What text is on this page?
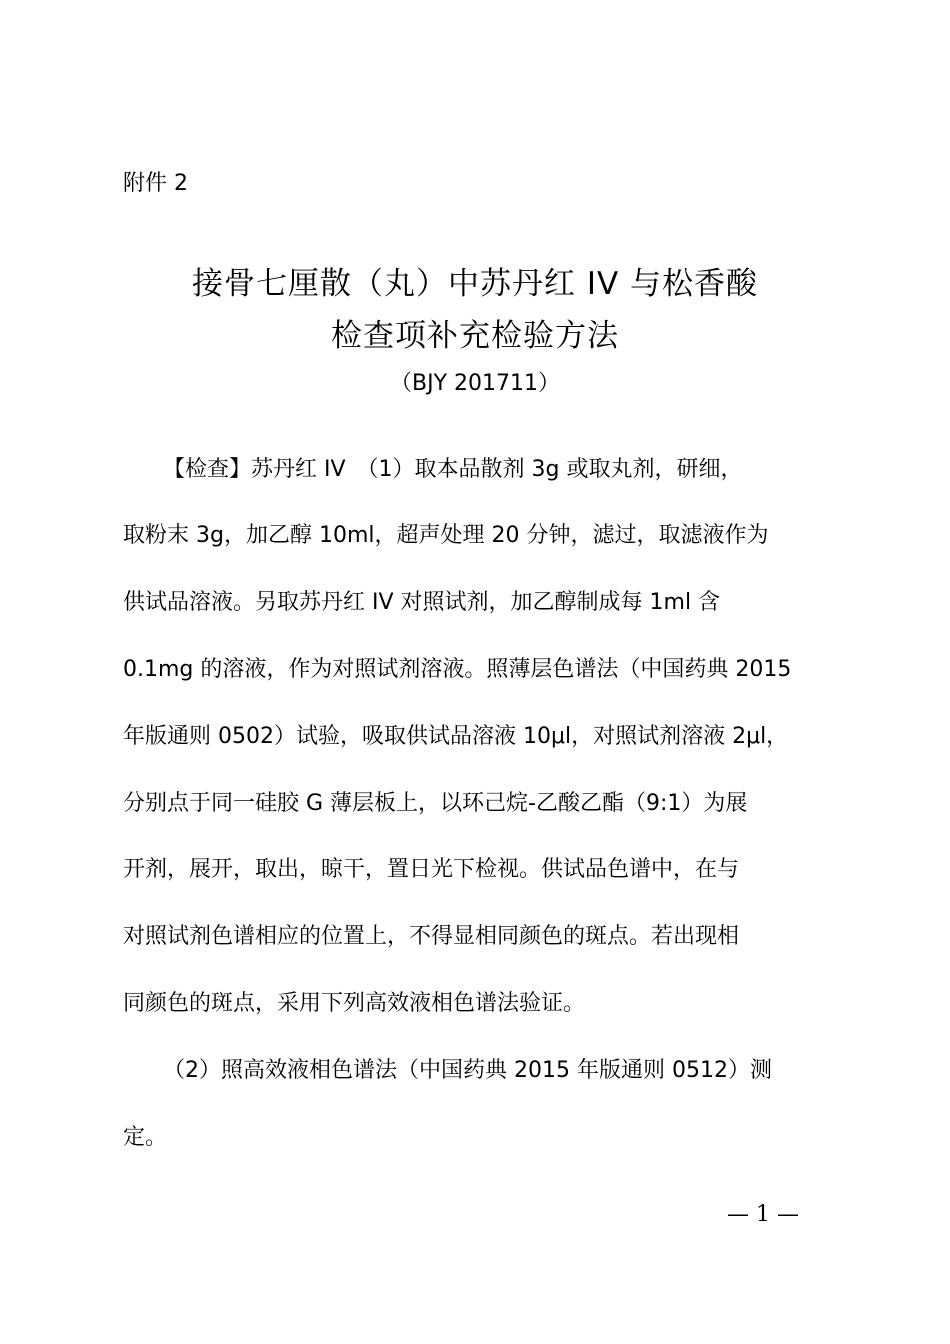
附件 2
接骨七厘散（丸）中苏丹红 IV 与松香酸
检查项补充检验方法
（BJY 201711）
【检查】苏丹红 IV　（1）取本品散剂 3g 或取丸剂，研细，
取粉末 3g，加乙醇 10ml，超声处理 20 分钟，滤过，取滤液作为
供试品溶液。另取苏丹红 IV 对照试剂，加乙醇制成每 1ml 含
0.1mg 的溶液，作为对照试剂溶液。照薄层色谱法（中国药典 2015
年版通则 0502）试验，吸取供试品溶液 10μl，对照试剂溶液 2μl，
分别点于同一硅胶 G 薄层板上，以环己烷-乙酸乙酯（9:1）为展
开剂，展开，取出，晾干，置日光下检视。供试品色谱中，在与
对照试剂色谱相应的位置上，不得显相同颜色的斑点。若出现相
同颜色的斑点，采用下列高效液相色谱法验证。
（2）照高效液相色谱法（中国药典 2015 年版通则 0512）测
定。
— 1 —
